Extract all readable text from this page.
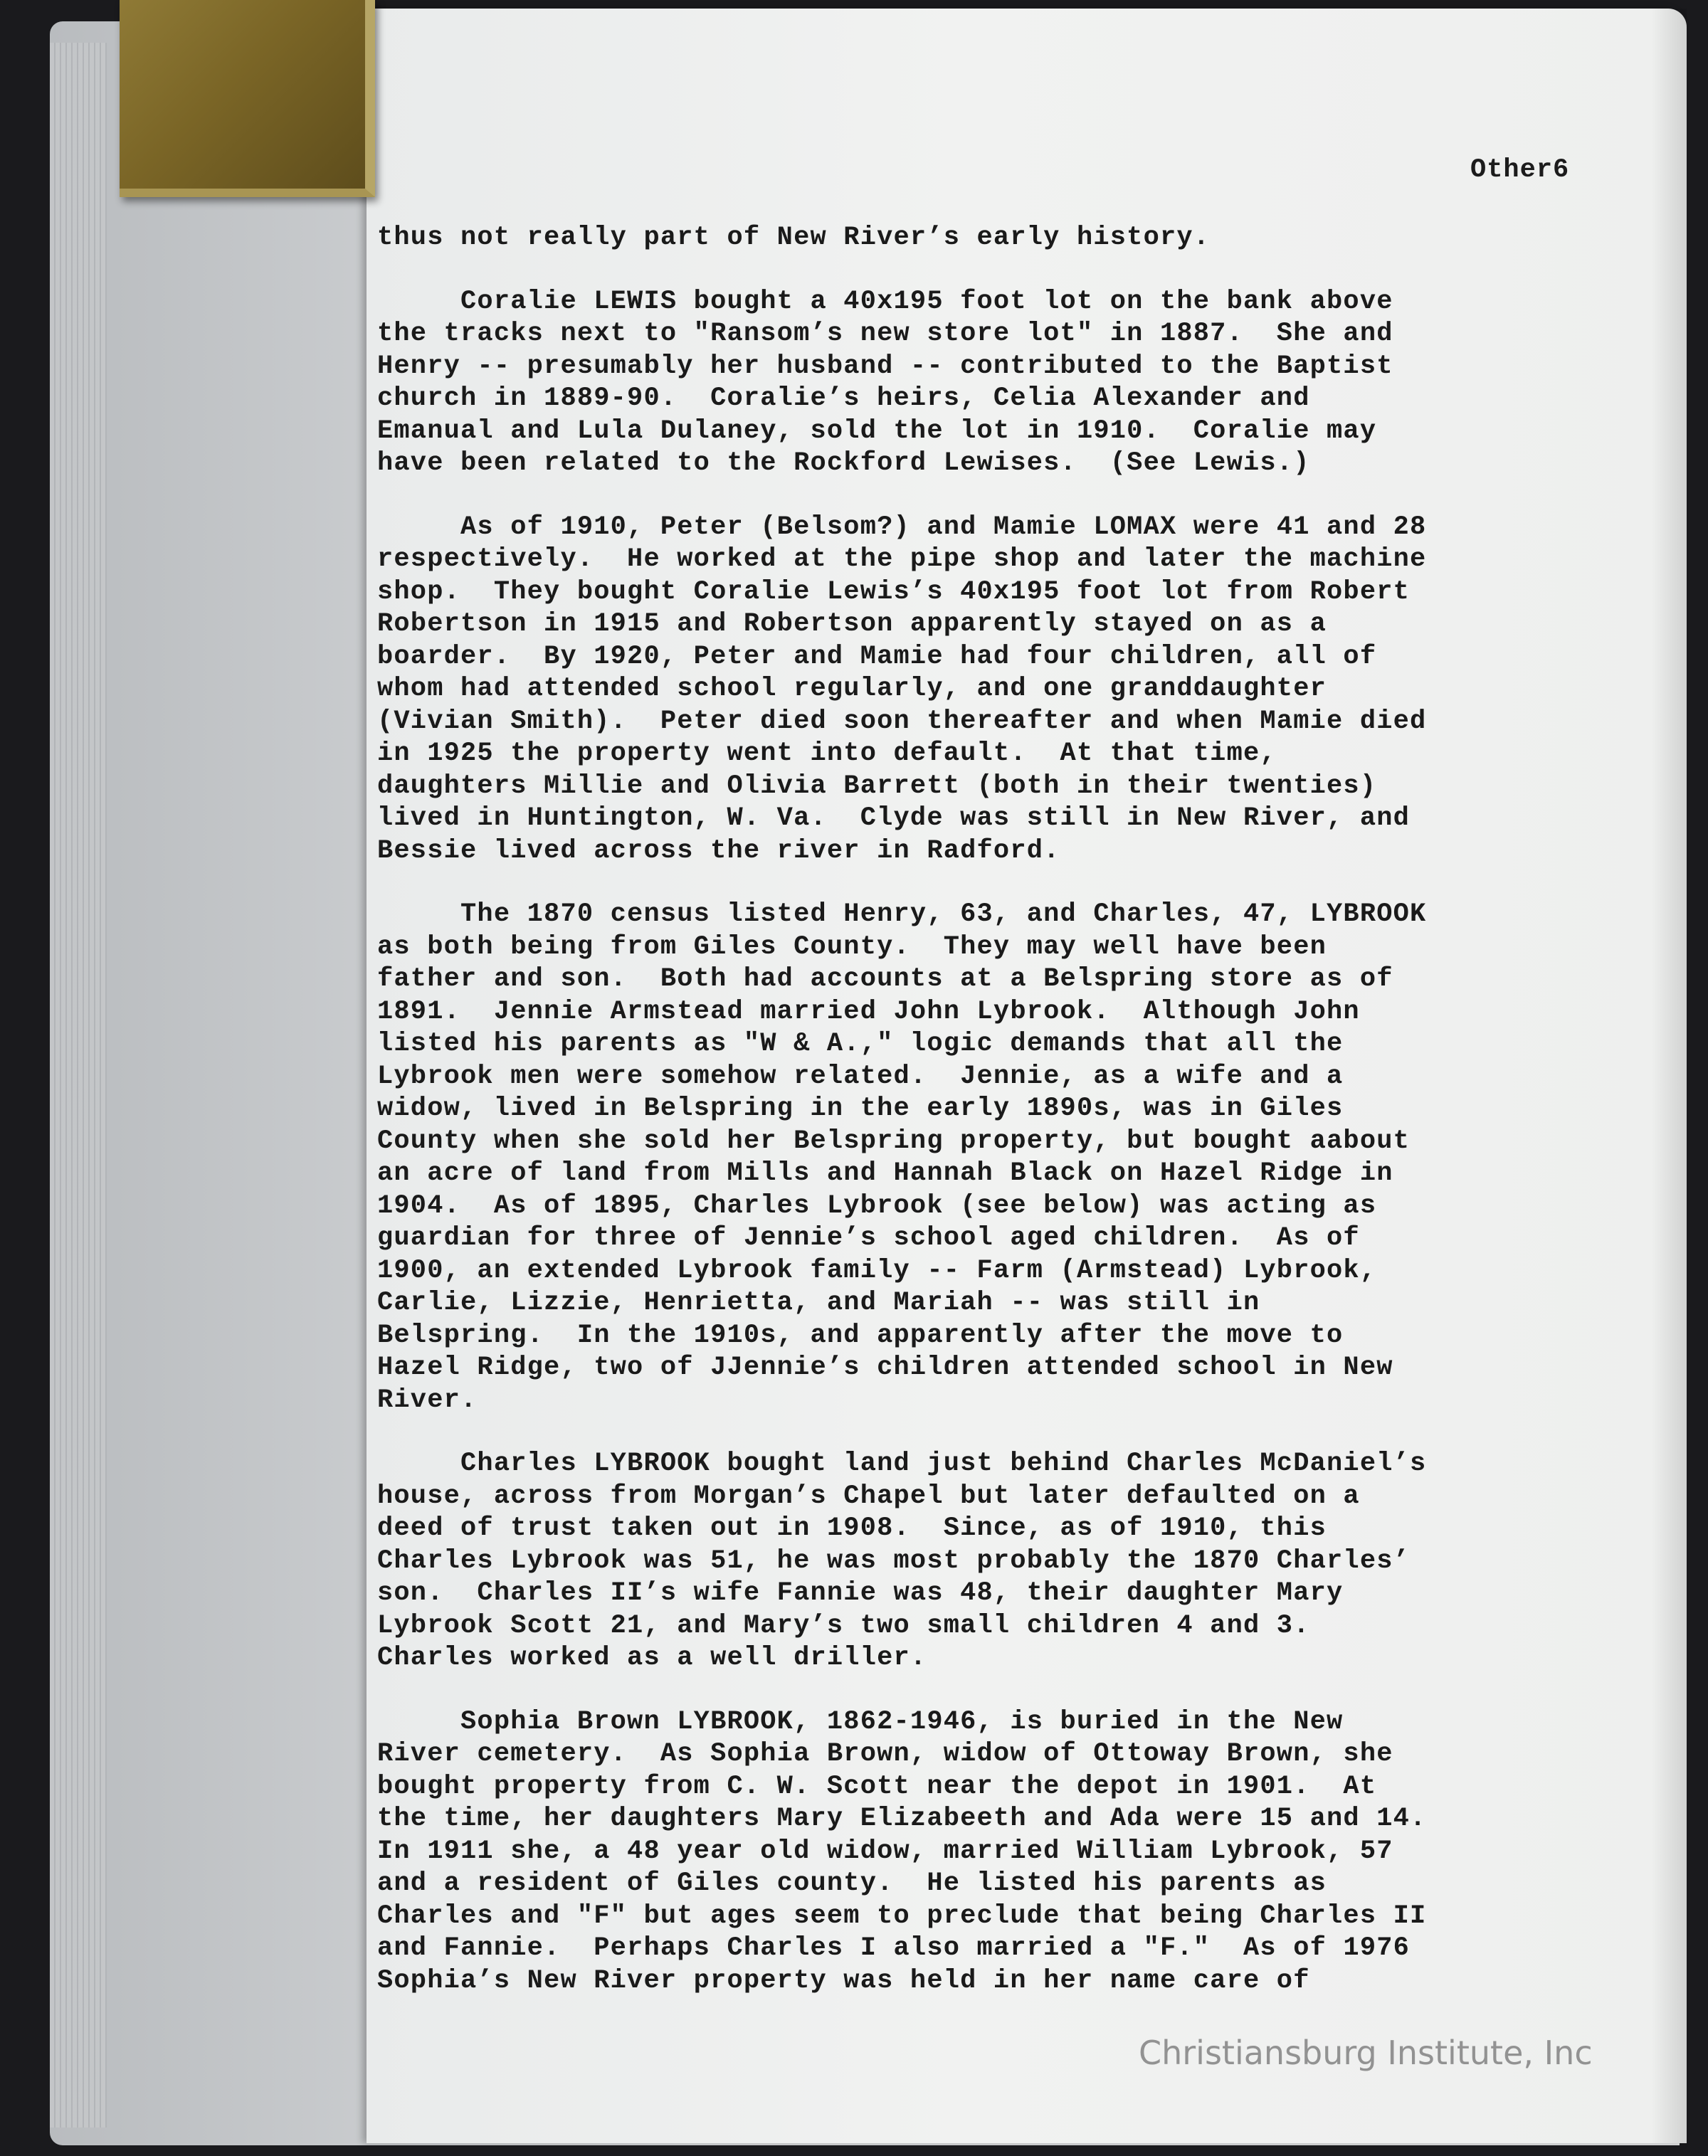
Other6
thus not really part of New River’s early history.
Coralie LEWIS bought a 40x195 foot lot on the bank above
the tracks next to "Ransom’s new store lot" in 1887.  She and
Henry -- presumably her husband -- contributed to the Baptist
church in 1889-90.  Coralie’s heirs, Celia Alexander and
Emanual and Lula Dulaney, sold the lot in 1910.  Coralie may
have been related to the Rockford Lewises.  (See Lewis.)
As of 1910, Peter (Belsom?) and Mamie LOMAX were 41 and 28
respectively.  He worked at the pipe shop and later the machine
shop.  They bought Coralie Lewis’s 40x195 foot lot from Robert
Robertson in 1915 and Robertson apparently stayed on as a
boarder.  By 1920, Peter and Mamie had four children, all of
whom had attended school regularly, and one granddaughter
(Vivian Smith).  Peter died soon thereafter and when Mamie died
in 1925 the property went into default.  At that time,
daughters Millie and Olivia Barrett (both in their twenties)
lived in Huntington, W. Va.  Clyde was still in New River, and
Bessie lived across the river in Radford.
The 1870 census listed Henry, 63, and Charles, 47, LYBROOK
as both being from Giles County.  They may well have been
father and son.  Both had accounts at a Belspring store as of
1891.  Jennie Armstead married John Lybrook.  Although John
listed his parents as "W & A.," logic demands that all the
Lybrook men were somehow related.  Jennie, as a wife and a
widow, lived in Belspring in the early 1890s, was in Giles
County when she sold her Belspring property, but bought aabout
an acre of land from Mills and Hannah Black on Hazel Ridge in
1904.  As of 1895, Charles Lybrook (see below) was acting as
guardian for three of Jennie’s school aged children.  As of
1900, an extended Lybrook family -- Farm (Armstead) Lybrook,
Carlie, Lizzie, Henrietta, and Mariah -- was still in
Belspring.  In the 1910s, and apparently after the move to
Hazel Ridge, two of JJennie’s children attended school in New
River.
Charles LYBROOK bought land just behind Charles McDaniel’s
house, across from Morgan’s Chapel but later defaulted on a
deed of trust taken out in 1908.  Since, as of 1910, this
Charles Lybrook was 51, he was most probably the 1870 Charles’
son.  Charles II’s wife Fannie was 48, their daughter Mary
Lybrook Scott 21, and Mary’s two small children 4 and 3.
Charles worked as a well driller.
Sophia Brown LYBROOK, 1862-1946, is buried in the New
River cemetery.  As Sophia Brown, widow of Ottoway Brown, she
bought property from C. W. Scott near the depot in 1901.  At
the time, her daughters Mary Elizabeeth and Ada were 15 and 14.
In 1911 she, a 48 year old widow, married William Lybrook, 57
and a resident of Giles county.  He listed his parents as
Charles and "F" but ages seem to preclude that being Charles II
and Fannie.  Perhaps Charles I also married a "F."  As of 1976
Sophia’s New River property was held in her name care of
Christiansburg Institute, Inc
